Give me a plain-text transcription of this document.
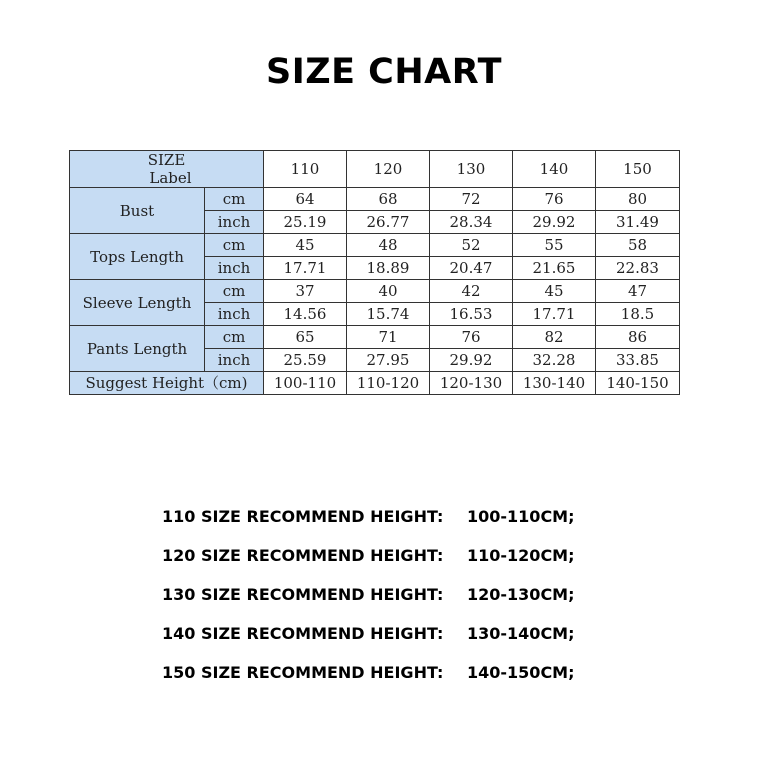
SIZE CHART
SIZE
Label		110	120	130	140	150
Bust	cm	64	68	72	76	80
	inch	25.19	26.77	28.34	29.92	31.49
Tops Length	cm	45	48	52	55	58
	inch	17.71	18.89	20.47	21.65	22.83
Sleeve Length	cm	37	40	42	45	47
	inch	14.56	15.74	16.53	17.71	18.5
Pants Length	cm	65	71	76	82	86
	inch	25.59	27.95	29.92	32.28	33.85
Suggest Height（cm)		100-110	110-120	120-130	130-140	140-150
110 SIZE RECOMMEND HEIGHT:	100-110CM;
120 SIZE RECOMMEND HEIGHT:	110-120CM;
130 SIZE RECOMMEND HEIGHT:	120-130CM;
140 SIZE RECOMMEND HEIGHT:	130-140CM;
150 SIZE RECOMMEND HEIGHT:	140-150CM;
